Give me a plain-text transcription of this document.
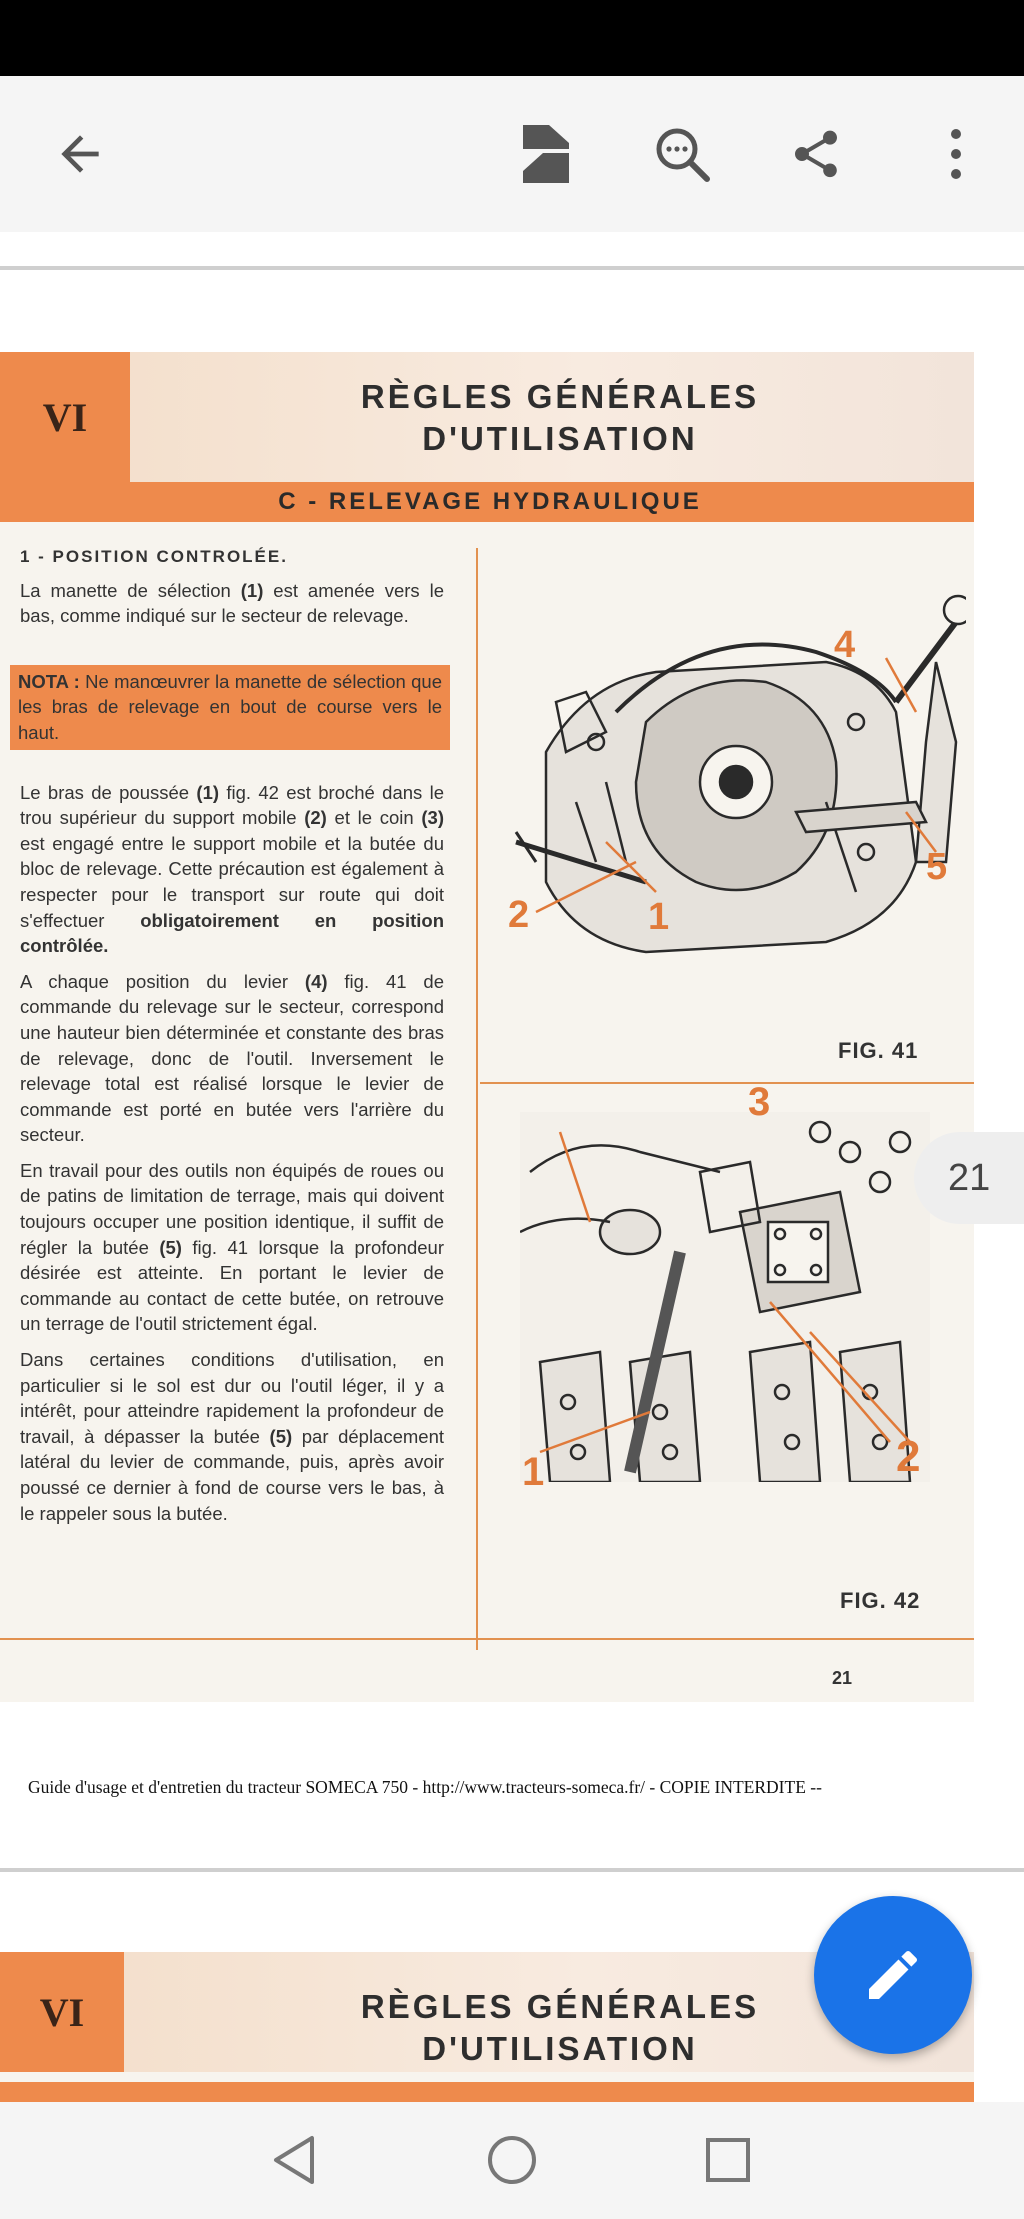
VI	RÈGLES GÉNÉRALES
D'UTILISATION
C - RELEVAGE HYDRAULIQUE
1 - POSITION CONTROLÉE.

La manette de sélection (1) est amenée vers le bas, comme indiqué sur le secteur de relevage.

NOTA : Ne manœuvrer la manette de sélection que les bras de relevage en bout de course vers le haut.

Le bras de poussée (1) fig. 42 est broché dans le trou supérieur du support mobile (2) et le coin (3) est engagé entre le support mobile et la butée du bloc de relevage. Cette précaution est également à respecter pour le transport sur route qui doit s'effectuer obligatoirement en position contrôlée.

A chaque position du levier (4) fig. 41 de commande du relevage sur le secteur, correspond une hauteur bien déterminée et constante des bras de relevage, donc de l'outil. Inversement le relevage total est réalisé lorsque le levier de commande est porté en butée vers l'arrière du secteur.

En travail pour des outils non équipés de roues ou de patins de limitation de terrage, mais qui doivent toujours occuper une position identique, il suffit de régler la butée (5) fig. 41 lorsque la profondeur désirée est atteinte. En portant le levier de commande au contact de cette butée, on retrouve un terrage de l'outil strictement égal.

Dans certaines conditions d'utilisation, en particulier si le sol est dur ou l'outil léger, il y a intérêt, pour atteindre rapidement la profondeur de travail, à dépasser la butée (5) par déplacement latéral du levier de commande, puis, après avoir poussé ce dernier à fond de course vers le bas, à le rappeler sous la butée.

4
5
2	1
FIG. 41
3
1	2
FIG. 42
21
Guide d'usage et d'entretien du tracteur SOMECA 750 - http://www.tracteurs-someca.fr/ - COPIE INTERDITE --
VI	RÈGLES GÉNÉRALES
D'UTILISATION
21
